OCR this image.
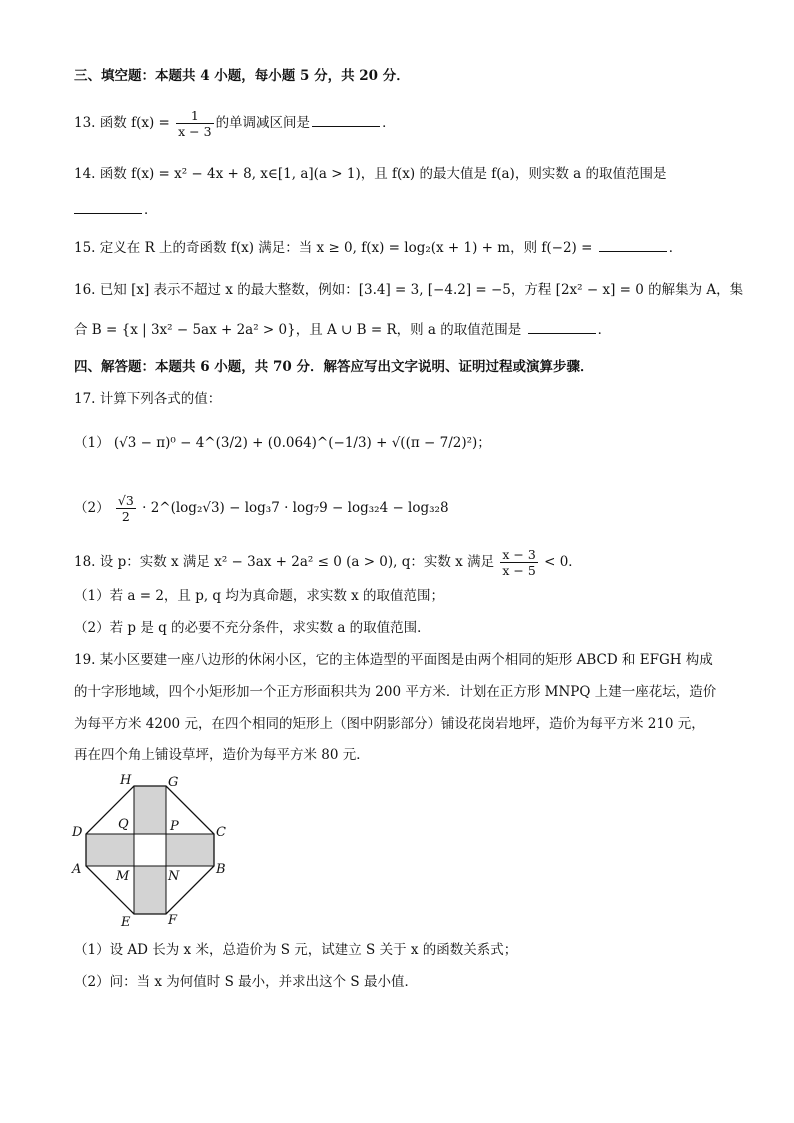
三、填空题：本题共 4 小题，每小题 5 分，共 20 分．
13. 函数 $f(x) = \frac{1}{x - 3}$ 的单调减区间是	．
14. 函数 f(x) = x² − 4x + 8, x∈[1, a](a > 1)，且 f(x) 的最大值是 f(a)，则实数 a 的取值范围是
．
15. 定义在 R 上的奇函数 f(x) 满足：当 x ≥ 0, f(x) = log₂(x + 1) + m，则 f(−2) =	．
16. 已知 [x] 表示不超过 x 的最大整数，例如：[3.4] = 3, [−4.2] = −5，方程 [2x² − x] = 0 的解集为 A，集
合 B = {x | 3x² − 5ax + 2a² > 0}，且 A ∪ B = R，则 a 的取值范围是	．
四、解答题：本题共 6 小题，共 70 分．解答应写出文字说明、证明过程或演算步骤．
17. 计算下列各式的值：
（1） (√3 − π)⁰ − 4^(3/2) + (0.064)^(−1/3) + √((π − 7/2)²)；
$(2) \frac{√3}{2}$ · 2^(log₂√3) − log₃7 · log₇9 − log₃₂4 − log₃₂8
18. 设 p：实数 x 满足 x² − 3ax + 2a² ≤ 0 (a > 0), q：实数 x 满足 $\frac{x - 3}{x - 5} < 0$．
（1）若 a = 2，且 p, q 均为真命题，求实数 x 的取值范围；
（2）若 p 是 q 的必要不充分条件，求实数 a 的取值范围．
19. 某小区要建一座八边形的休闲小区，它的主体造型的平面图是由两个相同的矩形 ABCD 和 EFGH 构成
的十字形地域，四个小矩形加一个正方形面积共为 200 平方米．计划在正方形 MNPQ 上建一座花坛，造价
为每平方米 4200 元，在四个相同的矩形上（图中阴影部分）铺设花岗岩地坪，造价为每平方米 210 元，
再在四个角上铺设草坪，造价为每平方米 80 元．
H	G
D	C
A	B
E	F
Q	P
M	N
（1）设 AD 长为 x 米，总造价为 S 元，试建立 S 关于 x 的函数关系式；
（2）问：当 x 为何值时 S 最小，并求出这个 S 最小值．
